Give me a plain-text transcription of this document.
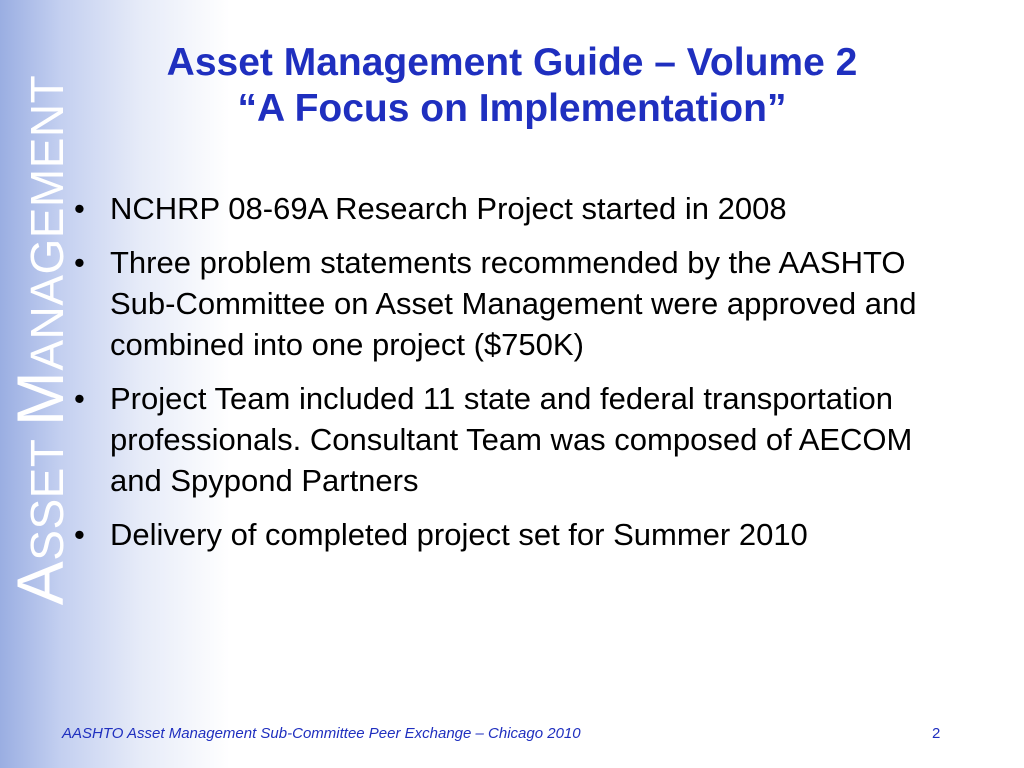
ASSET MANAGEMENT
Asset Management Guide – Volume 2
“A Focus on Implementation”
• NCHRP 08-69A Research Project started in 2008
• Three problem statements recommended by the AASHTO Sub-Committee on Asset Management were approved and combined into one project ($750K)
• Project Team included 11 state and federal transportation professionals. Consultant Team was composed of AECOM and Spypond Partners
• Delivery of completed project set for Summer 2010
AASHTO Asset Management Sub-Committee Peer Exchange – Chicago 2010	2
